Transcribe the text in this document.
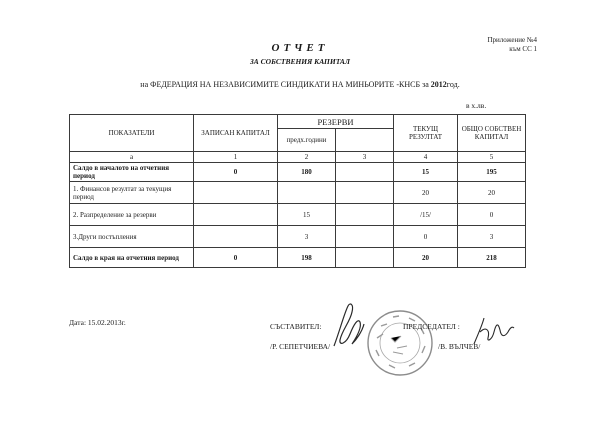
Приложение №4
към СС 1
ОТЧЕТ
ЗА СОБСТВЕНИЯ КАПИТАЛ
на ФЕДЕРАЦИЯ НА НЕЗАВИСИМИТЕ СИНДИКАТИ НА МИНЬОРИТЕ -КНСБ за 2012год.
в х.лв.
ПОКАЗАТЕЛИ	ЗАПИСАН КАПИТАЛ	РЕЗЕРВИ		ТЕКУЩ РЕЗУЛТАТ	ОБЩО СОБСТВЕН КАПИТАЛ
		предх.години			
а	1	2	3	4	5
Салдо в началото на отчетния период	0	180		15	195
1. Финансов резултат за текущия период				20	20
2. Разпределение за резерви		15		/15/	0
3.Други постъпления		3		0	3
Салдо в края на отчетния период	0	198		20	218
Дата: 15.02.2013г.	СЪСТАВИТЕЛ:
/Р. СЕПЕТЧИЕВА/
ПРЕДСЕДАТЕЛ :
/В. ВЪЛЧЕВ/
